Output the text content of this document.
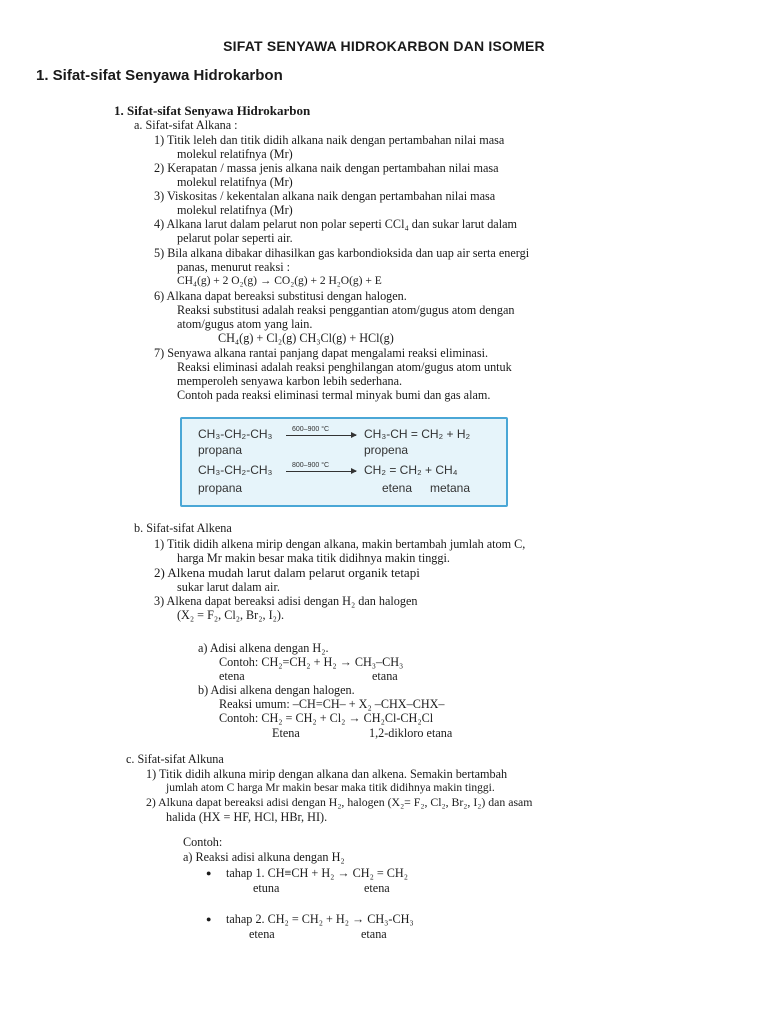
SIFAT SENYAWA HIDROKARBON DAN ISOMER
1. Sifat-sifat Senyawa Hidrokarbon
1. Sifat-sifat Senyawa Hidrokarbon
a. Sifat-sifat Alkana :
1) Titik leleh dan titik didih alkana naik dengan pertambahan nilai masa
molekul relatifnya (Mr)
2) Kerapatan / massa jenis alkana naik dengan pertambahan nilai masa
molekul relatifnya (Mr)
3) Viskositas / kekentalan alkana naik dengan pertambahan nilai masa
molekul relatifnya (Mr)
4) Alkana larut dalam pelarut non polar seperti CCl₄ dan sukar larut dalam
pelarut polar seperti air.
5) Bila alkana dibakar dihasilkan gas karbondioksida dan uap air serta energi
panas, menurut reaksi :
CH₄(g) + 2 O₂(g) → CO₂(g) + 2 H₂O(g) + E
6) Alkana dapat bereaksi substitusi dengan halogen.
Reaksi substitusi adalah reaksi penggantian atom/gugus atom dengan
atom/gugus atom yang lain.
CH₄(g) + Cl₂(g) CH₃Cl(g) + HCl(g)
7) Senyawa alkana rantai panjang dapat mengalami reaksi eliminasi.
Reaksi eliminasi adalah reaksi penghilangan atom/gugus atom untuk
memperoleh senyawa karbon lebih sederhana.
Contoh pada reaksi eliminasi termal minyak bumi dan gas alam.
CH₃-CH₂-CH₃	600–900 °C	CH₃-CH = CH₂ + H₂
propana	propena
CH₃-CH₂-CH₃	800–900 °C	CH₂ = CH₂ + CH₄
propana	etena metana
b. Sifat-sifat Alkena
1) Titik didih alkena mirip dengan alkana, makin bertambah jumlah atom C,
harga Mr makin besar maka titik didihnya makin tinggi.
2) Alkena mudah larut dalam pelarut organik tetapi
sukar larut dalam air.
3) Alkena dapat bereaksi adisi dengan H₂ dan halogen
(X₂ = F₂, Cl₂, Br₂, I₂).
a) Adisi alkena dengan H₂.
Contoh: CH₂=CH₂ + H₂ → CH₃–CH₃
etena	etana
b) Adisi alkena dengan halogen.
Reaksi umum: –CH=CH– + X₂ –CHX–CHX–
Contoh: CH₂ = CH₂ + Cl₂ → CH₂Cl-CH₂Cl
Etena	1,2-dikloro etana
c. Sifat-sifat Alkuna
1) Titik didih alkuna mirip dengan alkana dan alkena. Semakin bertambah
jumlah atom C harga Mr makin besar maka titik didihnya makin tinggi.
2) Alkuna dapat bereaksi adisi dengan H₂, halogen (X₂= F₂, Cl₂, Br₂, I₂) dan asam
halida (HX = HF, HCl, HBr, HI).
Contoh:
a) Reaksi adisi alkuna dengan H₂
● tahap 1. CH≡CH + H₂ → CH₂ = CH₂
etuna	etena
● tahap 2. CH₂ = CH₂ + H₂ → CH₃-CH₃
etena	etana
